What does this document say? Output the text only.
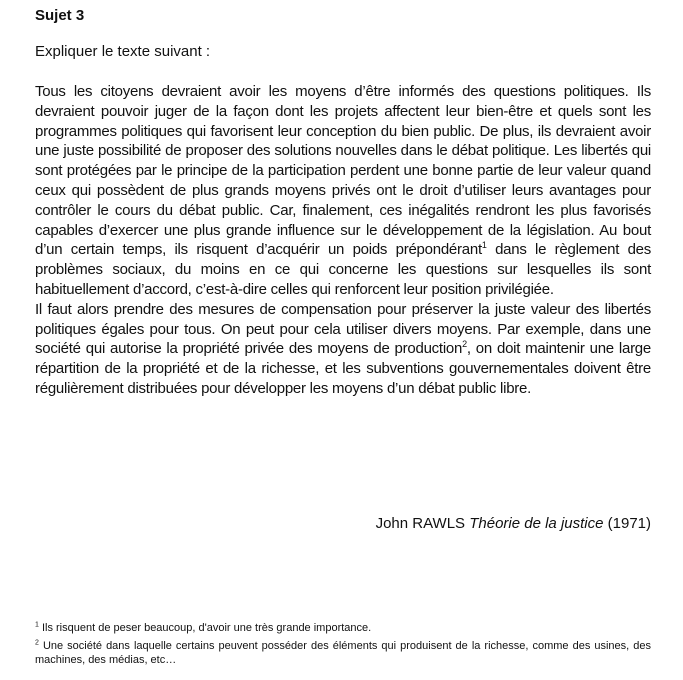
Sujet 3
Expliquer le texte suivant :

Tous les citoyens devraient avoir les moyens d’être informés des questions politiques. Ils devraient pouvoir juger de la façon dont les projets affectent leur bien-être et quels sont les programmes politiques qui favorisent leur conception du bien public. De plus, ils devraient avoir une juste possibilité de proposer des solutions nouvelles dans le débat politique. Les libertés qui sont protégées par le principe de la participation perdent une bonne partie de leur valeur quand ceux qui possèdent de plus grands moyens privés ont le droit d’utiliser leurs avantages pour contrôler le cours du débat public. Car, finalement, ces inégalités rendront les plus favorisés capables d’exercer une plus grande influence sur le développement de la législation. Au bout d’un certain temps, ils risquent d’acquérir un poids prépondérant$^1$ dans le règlement des problèmes sociaux, du moins en ce qui concerne les questions sur lesquelles ils sont habituellement d’accord, c’est-à-dire celles qui renforcent leur position privilégiée.

Il faut alors prendre des mesures de compensation pour préserver la juste valeur des libertés politiques égales pour tous. On peut pour cela utiliser divers moyens. Par exemple, dans une société qui autorise la propriété privée des moyens de production$^2$, on doit maintenir une large répartition de la propriété et de la richesse, et les subventions gouvernementales doivent être régulièrement distribuées pour développer les moyens d’un débat public libre.

John RAWLS Théorie de la justice (1971)

$^1$ Ils risquent de peser beaucoup, d'avoir une très grande importance.

$^2$ Une société dans laquelle certains peuvent posséder des éléments qui produisent de la richesse, comme des usines, des machines, des médias, etc…
